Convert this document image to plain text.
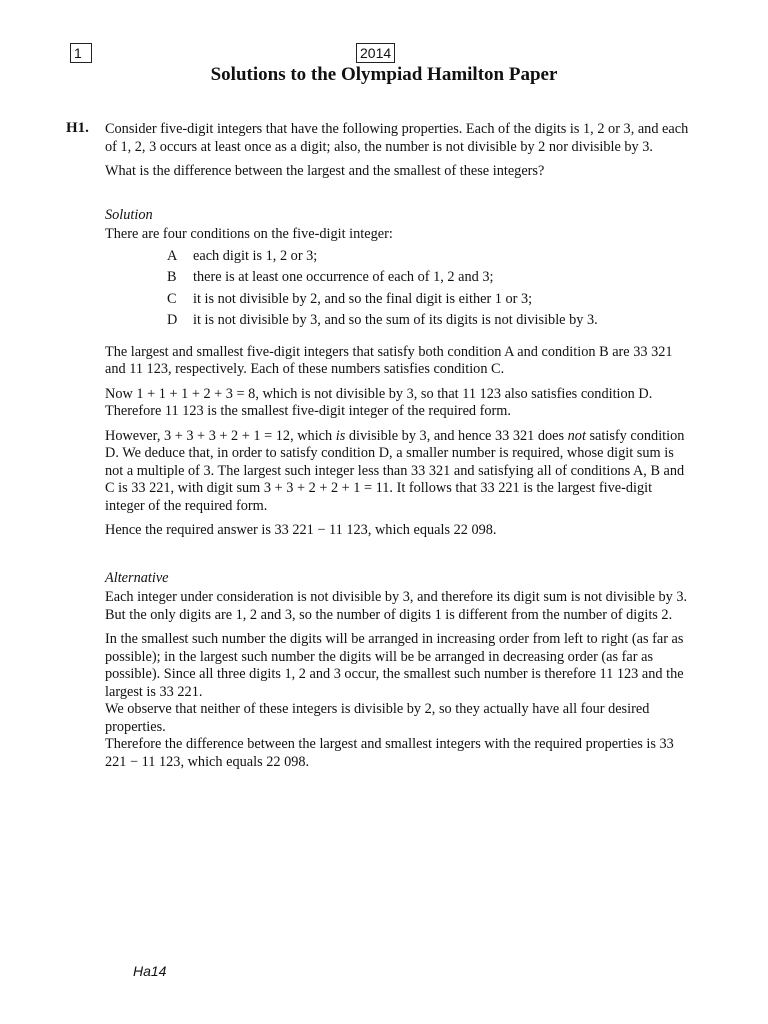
1	2014
Solutions to the Olympiad Hamilton Paper
H1. Consider five-digit integers that have the following properties. Each of the digits is 1, 2 or 3, and each of 1, 2, 3 occurs at least once as a digit; also, the number is not divisible by 2 nor divisible by 3.

What is the difference between the largest and the smallest of these integers?

Solution

There are four conditions on the five-digit integer:

A	each digit is 1, 2 or 3;
B	there is at least one occurrence of each of 1, 2 and 3;
C	it is not divisible by 2, and so the final digit is either 1 or 3;
D	it is not divisible by 3, and so the sum of its digits is not divisible by 3.

The largest and smallest five-digit integers that satisfy both condition A and condition B are 33 321 and 11 123, respectively. Each of these numbers satisfies condition C.

Now 1 + 1 + 1 + 2 + 3 = 8, which is not divisible by 3, so that 11 123 also satisfies condition D. Therefore 11 123 is the smallest five-digit integer of the required form.

However, 3 + 3 + 3 + 2 + 1 = 12, which is divisible by 3, and hence 33 321 does not satisfy condition D. We deduce that, in order to satisfy condition D, a smaller number is required, whose digit sum is not a multiple of 3. The largest such integer less than 33 321 and satisfying all of conditions A, B and C is 33 221, with digit sum 3 + 3 + 2 + 2 + 1 = 11. It follows that 33 221 is the largest five-digit integer of the required form.

Hence the required answer is 33 221 − 11 123, which equals 22 098.

Alternative

Each integer under consideration is not divisible by 3, and therefore its digit sum is not divisible by 3. But the only digits are 1, 2 and 3, so the number of digits 1 is different from the number of digits 2.

In the smallest such number the digits will be arranged in increasing order from left to right (as far as possible); in the largest such number the digits will be be arranged in decreasing order (as far as possible). Since all three digits 1, 2 and 3 occur, the smallest such number is therefore 11 123 and the largest is 33 221.

We observe that neither of these integers is divisible by 2, so they actually have all four desired properties.

Therefore the difference between the largest and smallest integers with the required properties is 33 221 − 11 123, which equals 22 098.

Ha14
